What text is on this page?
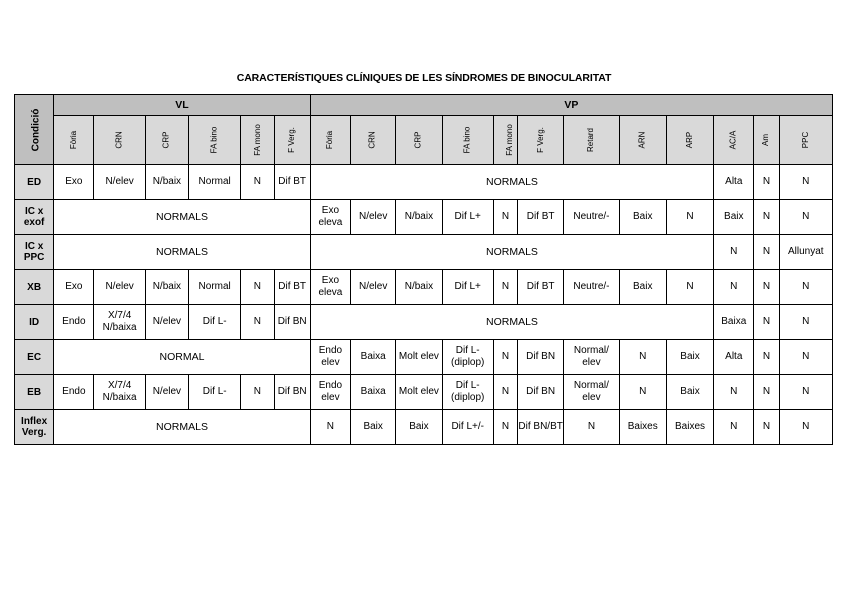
CARACTERÍSTIQUES CLÍNIQUES DE LES SÍNDROMES DE BINOCULARITAT
Condició	VL						VP											
	Fòria	CRN	CRP	FA bino	FA mono	F Verg.	Fòria	CRN	CRP	FA bino	FA mono	F Verg.	Retard	ARN	ARP	AC/A	Am	PPC
ED	Exo	N/elev	N/baix	Normal	N	Dif BT	NORMALS									Alta	N	N
IC x exof	NORMALS						Exo eleva	N/elev	N/baix	Dif L+	N	Dif BT	Neutre/-	Baix	N	Baix	N	N
IC x PPC	NORMALS						NORMALS									N	N	Allunyat
XB	Exo	N/elev	N/baix	Normal	N	Dif BT	Exo eleva	N/elev	N/baix	Dif L+	N	Dif BT	Neutre/-	Baix	N	N	N	N
ID	Endo	X/7/4 N/baixa	N/elev	Dif L-	N	Dif BN	NORMALS									Baixa	N	N
EC	NORMAL						Endo elev	Baixa	Molt elev	Dif L- (diplop)	N	Dif BN	Normal/ elev	N	Baix	Alta	N	N
EB	Endo	X/7/4 N/baixa	N/elev	Dif L-	N	Dif BN	Endo elev	Baixa	Molt elev	Dif L- (diplop)	N	Dif BN	Normal/ elev	N	Baix	N	N	N
Inflex Verg.	NORMALS						N	Baix	Baix	Dif L+/-	N	Dif BN/BT	N	Baixes	Baixes	N	N	N
